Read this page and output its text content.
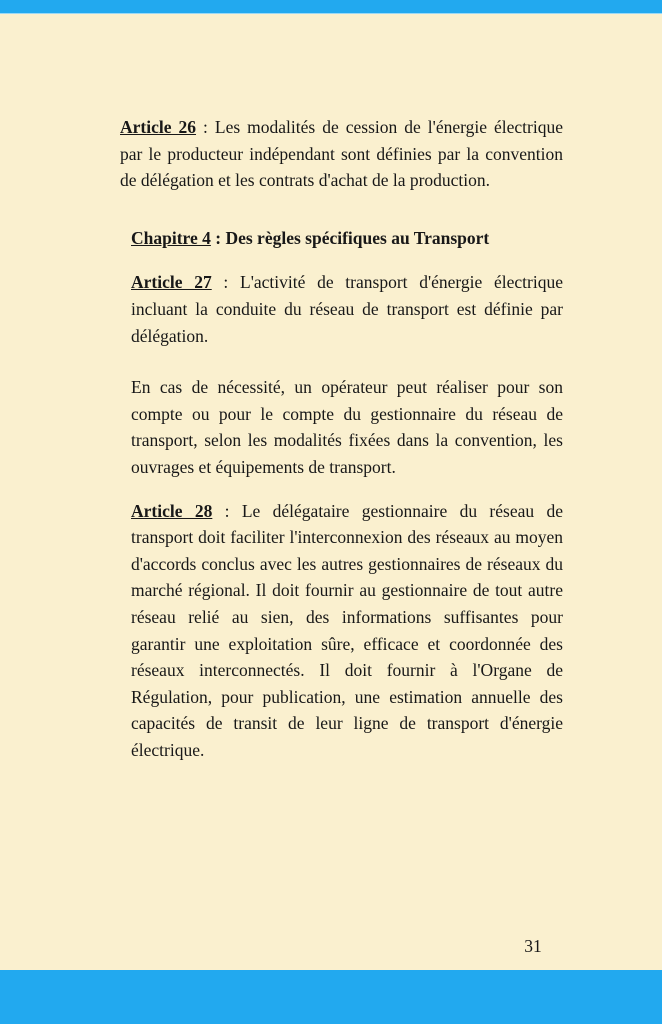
Article 26 : Les modalités de cession de l'énergie électrique par le producteur indépendant sont définies par la convention de délégation et les contrats d'achat de la production.

Chapitre 4 : Des règles spécifiques au Transport

Article 27 : L'activité de transport d'énergie électrique incluant la conduite du réseau de transport est définie par délégation.

En cas de nécessité, un opérateur peut réaliser pour son compte ou pour le compte du gestionnaire du réseau de transport, selon les modalités fixées dans la convention, les ouvrages et équipements de transport.

Article 28 : Le délégataire gestionnaire du réseau de transport doit faciliter l'interconnexion des réseaux au moyen d'accords conclus avec les autres gestionnaires de réseaux du marché régional. Il doit fournir au gestionnaire de tout autre réseau relié au sien, des informations suffisantes pour garantir une exploitation sûre, efficace et coordonnée des réseaux interconnectés. Il doit fournir à l'Organe de Régulation, pour publication, une estimation annuelle des capacités de transit de leur ligne de transport d'énergie électrique.

31
